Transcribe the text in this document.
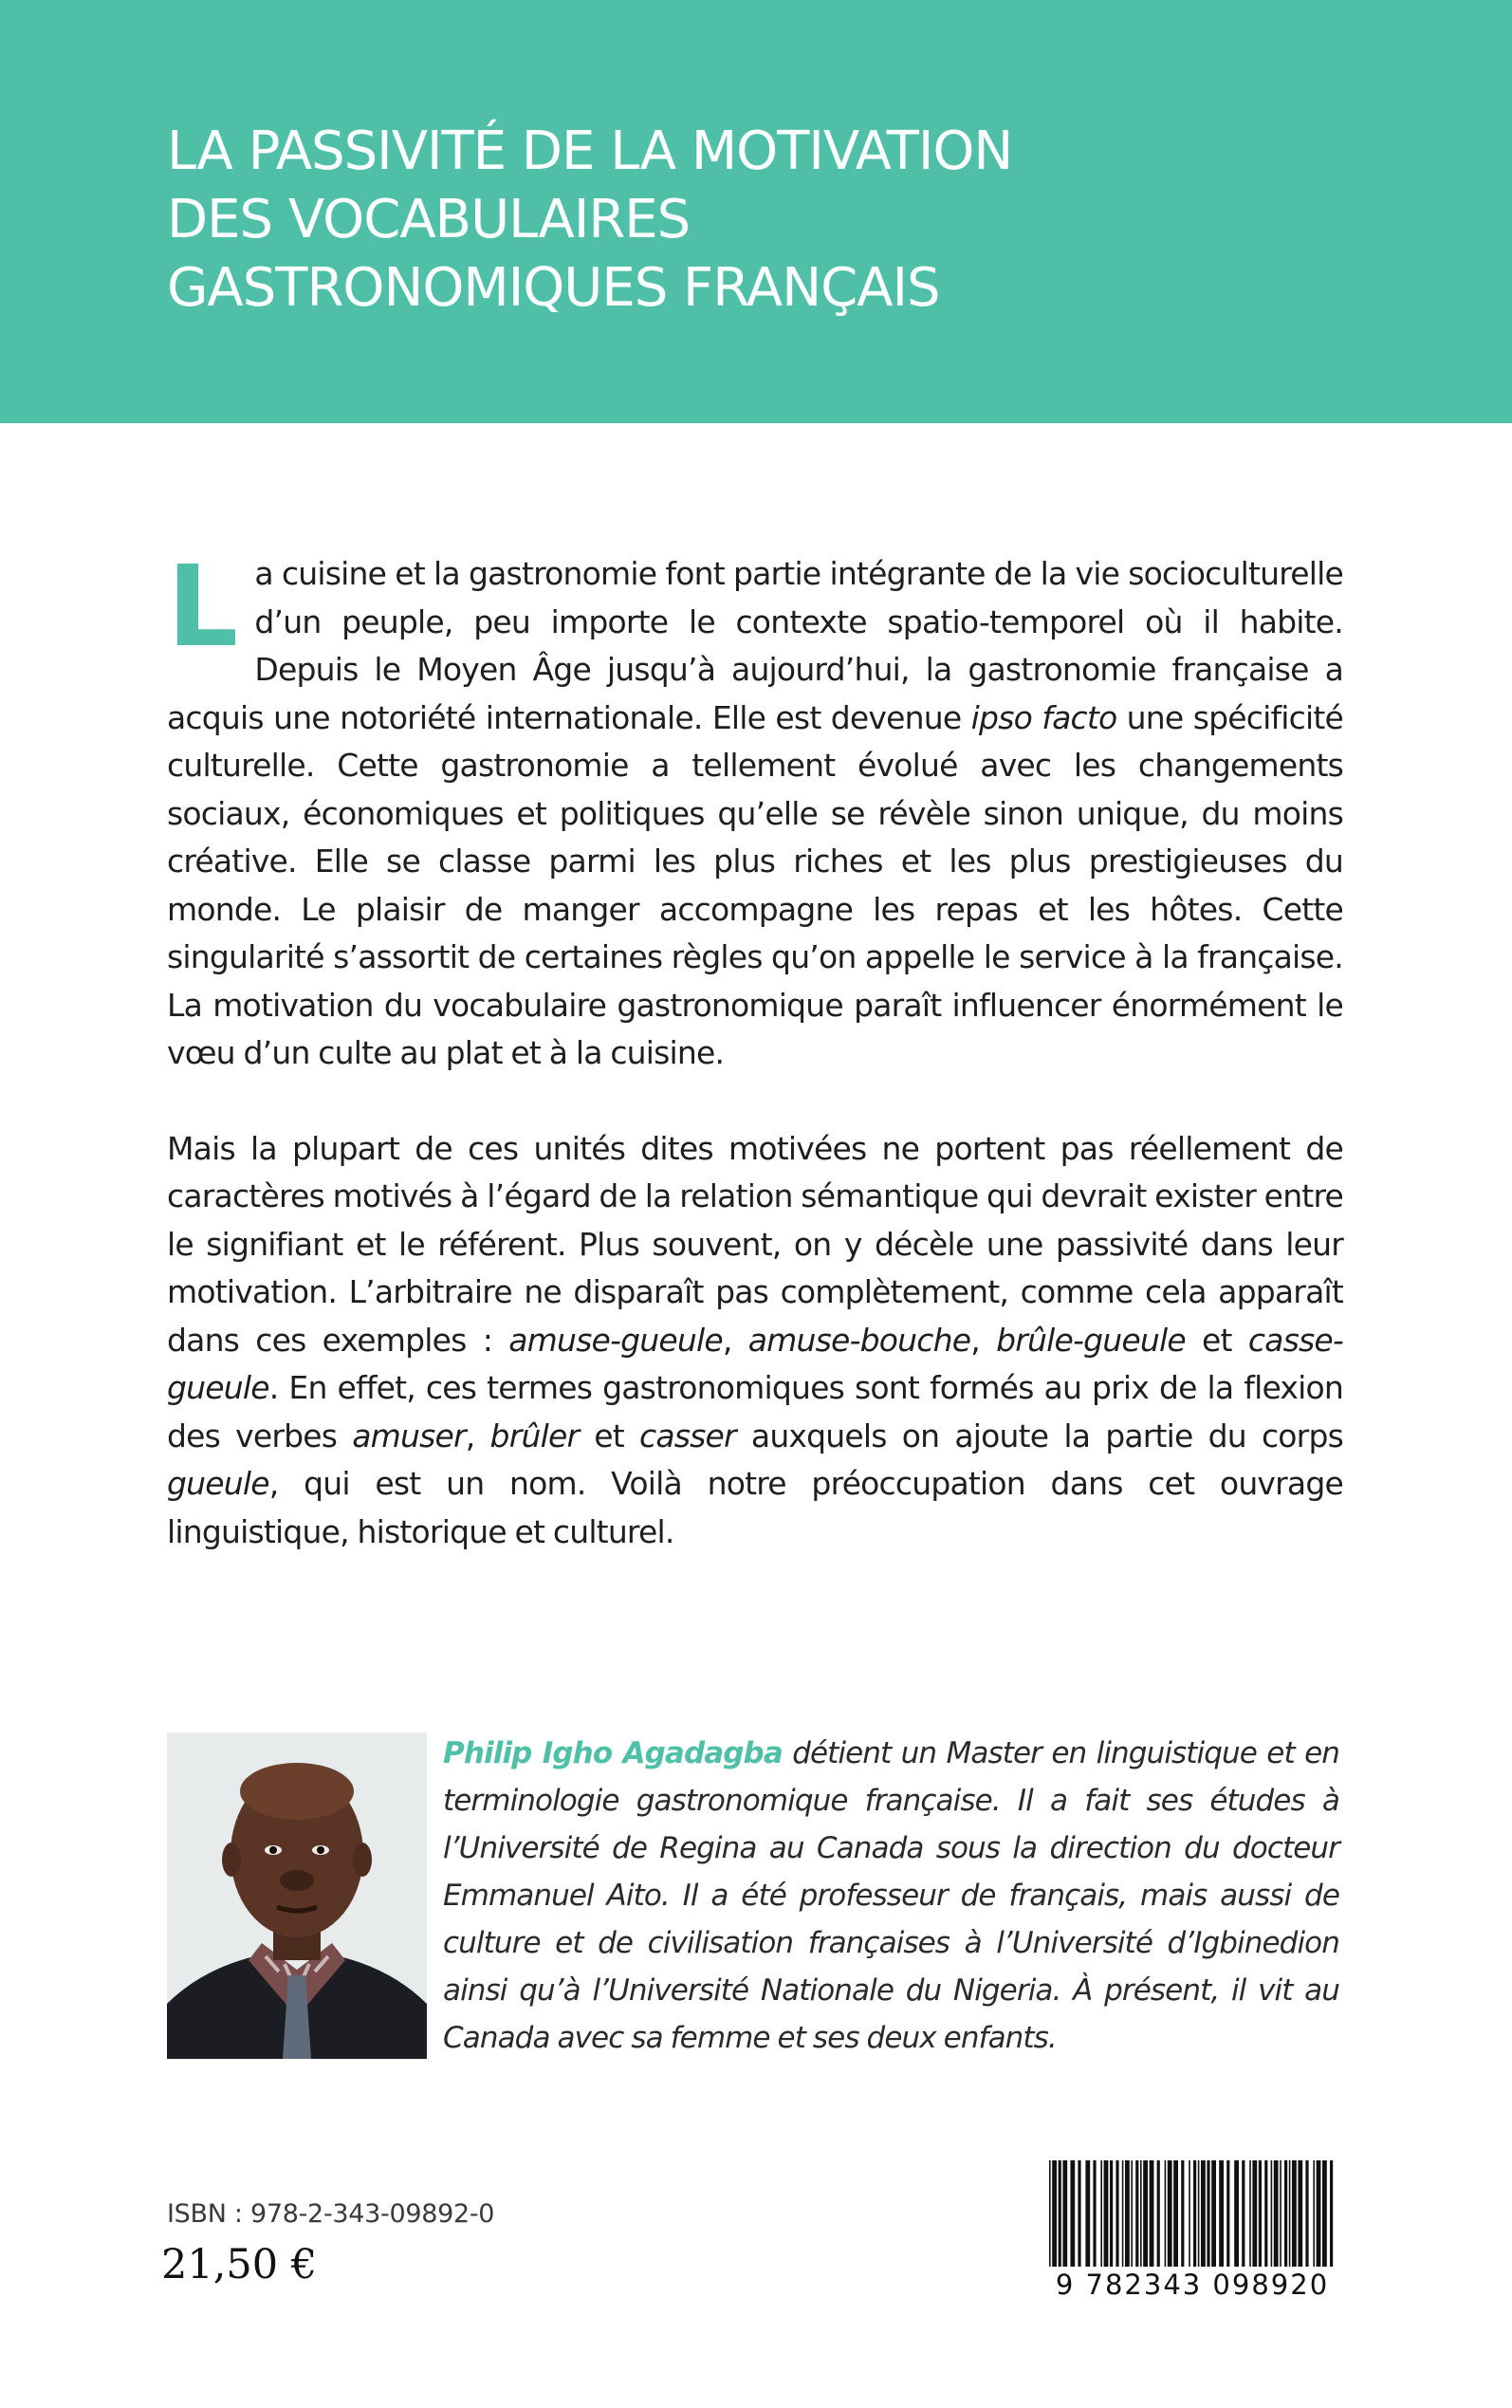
LA PASSIVITÉ DE LA MOTIVATION
DES VOCABULAIRES
GASTRONOMIQUES FRANÇAIS

La cuisine et la gastronomie font partie intégrante de la vie socioculturelle d’un peuple, peu importe le contexte spatio-temporel où il habite. Depuis le Moyen Âge jusqu’à aujourd’hui, la gastronomie française a acquis une notoriété internationale. Elle est devenue ipso facto une spécificité culturelle. Cette gastronomie a tellement évolué avec les changements sociaux, économiques et politiques qu’elle se révèle sinon unique, du moins créative. Elle se classe parmi les plus riches et les plus prestigieuses du monde. Le plaisir de manger accompagne les repas et les hôtes. Cette singularité s’assortit de certaines règles qu’on appelle le service à la française. La motivation du vocabulaire gastronomique paraît influencer énormément le vœu d’un culte au plat et à la cuisine.

Mais la plupart de ces unités dites motivées ne portent pas réellement de caractères motivés à l’égard de la relation sémantique qui devrait exister entre le signifiant et le référent. Plus souvent, on y décèle une passivité dans leur motivation. L’arbitraire ne disparaît pas complètement, comme cela apparaît dans ces exemples : amuse-gueule, amuse-bouche, brûle-gueule et casse-gueule. En effet, ces termes gastronomiques sont formés au prix de la flexion des verbes amuser, brûler et casser auxquels on ajoute la partie du corps gueule, qui est un nom. Voilà notre préoccupation dans cet ouvrage linguistique, historique et culturel.

Philip Igho Agadagba détient un Master en linguistique et en terminologie gastronomique française. Il a fait ses études à l’Université de Regina au Canada sous la direction du docteur Emmanuel Aito. Il a été professeur de français, mais aussi de culture et de civilisation françaises à l’Université d’Igbinedion ainsi qu’à l’Université Nationale du Nigeria. À présent, il vit au Canada avec sa femme et ses deux enfants.

ISBN : 978-2-343-09892-0
21,50 €	9 782343 098920
